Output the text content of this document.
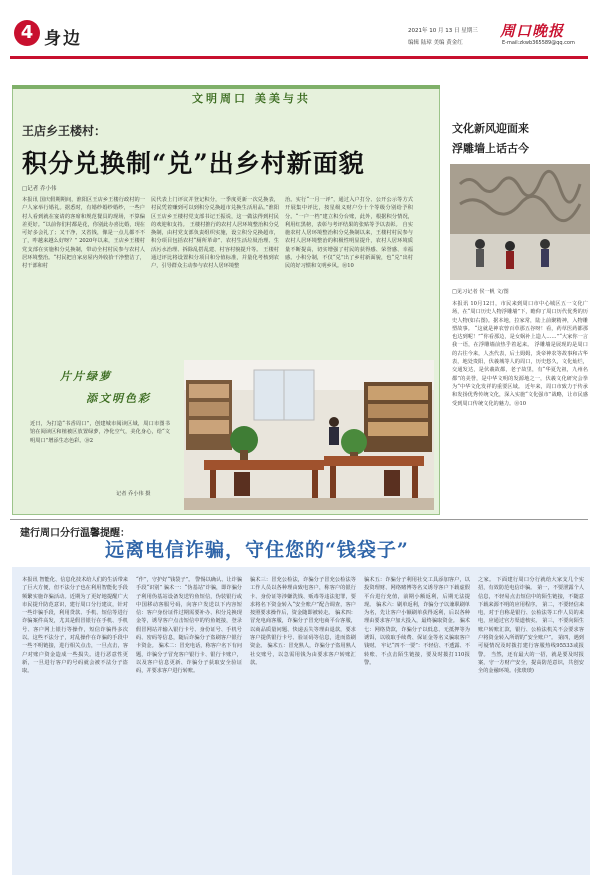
4 身边	2021年 10 月 13 日 星期三
编辑 陆璋 美编 黄金红
周口晚报
E-mail:zkwb365589@qq.com
文明周口 美美与共
王店乡王楼村：
积分兑换制“兑”出乡村新面貌
□记者 乔小伟
本报讯 国庆假期期间，淮阳区王店乡王楼行政村的一户人家举行婚礼。据悉时，有婚纱婚纱婚纱，一些户村人看到就在宴请的客席和规范餐具的现场，不算偏差更好。“以前你们村都是花，你别此办喜比婚，现在可好多会礼了；又干净，又省钱，像是一点儿都不不了，咋越来越么好呀？” 2020年以来，王店乡王楼村党支部在实施积分兑换制，带动全村村民参与农村人居环境整治。“村民把自家房屋内外收拾干净整洁了，村干部和村
民代表上门评议并登记积分，一季度更新一次兑换表，村民凭着赚到可以到积分兑换超市兑换生活用品。”淮阳区王店乡王楼村党支部书记王振说，这一做法得到村民的欢迎和支持。 王楼村推行的农村人居环境整治积分兑换制，由村党支部负责组织实施，设立积分兑换超市，积分项目包括农村“厕所革命”、农村生活垃圾治理、生活污水治理、拆除乱搭乱建、村容村貌提升等。 王楼村通过评比将设置积分项目和分值标准，并量化考核到农户，引导群众主动参与农村人居环境整
治。实行“一月一评”，通过入户打分、公开公示等方式开展集中评比，按星级义财户分十个等级分别给予积分。“一户一档”建立积分台账，此外，根据积分情况，利用红黑榜，表彰与考评结果的张贴等予以表彰。 自实施农村人居环境整治积分兑换制以来，王楼村村民参与农村人居环境整治的积极性明显提升，农村人居环境质量不断提高，切实增强了村民的获得感、荣誉感、幸福感。小积分制，不仅“兑”出了乡村新面貌，也“兑”出村民的好习惯和文明乡风。⑩10
片片绿萝
添文明色彩
近日，为打造“书香周口”，创建城市阅读区域，周口市图书馆在阅读区和植被区放置绿萝，净化空气，美化身心，给“文明周口”增添生态色彩。⑩2
记者 乔小伟 摄
文化新风迎面来
浮雕墙上话古今
□见习记者 侯一帆 文/图
本报讯 10月12日，市民来到周口市中心城区五一文化广场，在“周口历史人物浮雕墙”下，瞻仰了周口历代优秀的历史人物(如右图)。据本地，拉家常，陆上前聚精神，入物雕塑故事。 “这就是神农曾百草那五谷呀！看，药草医药都那也达到呢！”“你看那边，是女娲补上造人……”“大家你一言我一语，在浮雕墙前热乎着起来。 浮雕墙是展现的是周口的古往今来，人杰代表，后土姆姆，炎帝神农等故事和古华表，地处贵阳，伏羲城等人的周口，历史悠久，文化灿烂，交通发达，是伏羲故都，老子故里，有“华夏先祖，九州名都”的美誉，是中华文明的发源地之一，伏羲文化研究会拳为“中华文化发祥的重要区域。 近年来，周口市致力于传承和发扬优秀传统文化，深入实施“文化强市”战略，让市民感受到周口传统文化的魅力。⑩10
建行周口分行温馨提醒：
远离电信诈骗，守住您的“钱袋子”
本报讯 智能化、信息化技术给人们的生活带来了巨大方便，但不法分子也在利用智能化手段频繁实施诈骗活动。近期为了更好地提醒广大市民提升防范意识，建行周口分行建议，针对一些诈骗手段，利用贷款、手机、短信等进行诈骗案件高发，尤其是假冒银行在手机、手机号、客户网上银行等操作，短信诈骗得多次以。这些不法分子，对乱操作在诈骗的手段中一些不明链接，进行相关点击，一旦点击，客户对账户资金造成一些损失。进行恶意性更新，一旦进行客户的号码就会被不法分子盗取。
“作”，守护好“钱袋子”。 警惕以确认、让诈骗手段“识别” 骗术一：“伪基站”诈骗，即诈骗分子利用伪基站设备发送钓鱼短信，伪装银行或中国移动客服号码，向客户发送以下内容短信：客户身份证件过期需要补办、积分兑换现金等，诱导客户点击短信中的钓鱼链接，登录假冒网站并输入银行卡号、身份证号、手机号码、密码等信息，随后诈骗分子盗刷客户银行卡资金。 骗术二：冒充电话，称客户名下有问题，诈骗分子冒充客户银行卡、银行卡账户，以及客户信息更新、诈骗分子获取安全验证码，并要求客户进行转账。
骗术三：冒充公检法，诈骗分子冒充公检法等工作人员以各种理由致电客户，称客户的银行卡、身份证等涉嫌洗钱、贩毒等违法犯罪，要求将名下资金转入“安全账户”配合调查，客户按照要求操作后，资金随即被转走。 骗术四：冒充电商客服，诈骗分子冒充电商平台客服，以商品质量问题、快递丢失等理由退款，要求客户提供银行卡号、验证码等信息，进而盗刷资金。 骗术五：冒充熟人，诈骗分子盗用熟人社交账号，以急需用钱为由要求客户转账汇款。
骗术五：诈骗分子利用社交工具添加客户，以投资理财、网络赌博等名义诱导客户下载虚假平台进行充值，前期小额返利，后期无法提现。 骗术六：刷单返利，诈骗分子以兼职刷单为名，先让客户小额刷单获得返利，后以各种理由要求客户加大投入，最终骗取资金。 骗术七：网络贷款，诈骗分子以低息、无抵押等为诱饵，以收取手续费、保证金等名义骗取客户钱财。 牢记“四不一要”：不轻信、不透露、不转账、不点击陌生链接，要及时拨打110报警。
之家。 下面建行周口分行就给大家支几个实招，有效防范电信诈骗。 第一，不要泄露个人信息，不轻易点击短信中的陌生链接，不随意下载来源不明的应用程序。 第二，不要轻信来电，对于自称是银行、公检法等工作人员的来电，应通过官方渠道核实。 第三，不要向陌生账户转账汇款，银行、公检法机关不会要求客户将资金转入所谓的“安全账户”。 第四，遇到可疑情况及时拨打建行客服热线95533或报警。 当然，还有最大的一招，就是要及时报案，守一方财产安全，提高防范意识，共创安全的金融环境。(张琰琰)
